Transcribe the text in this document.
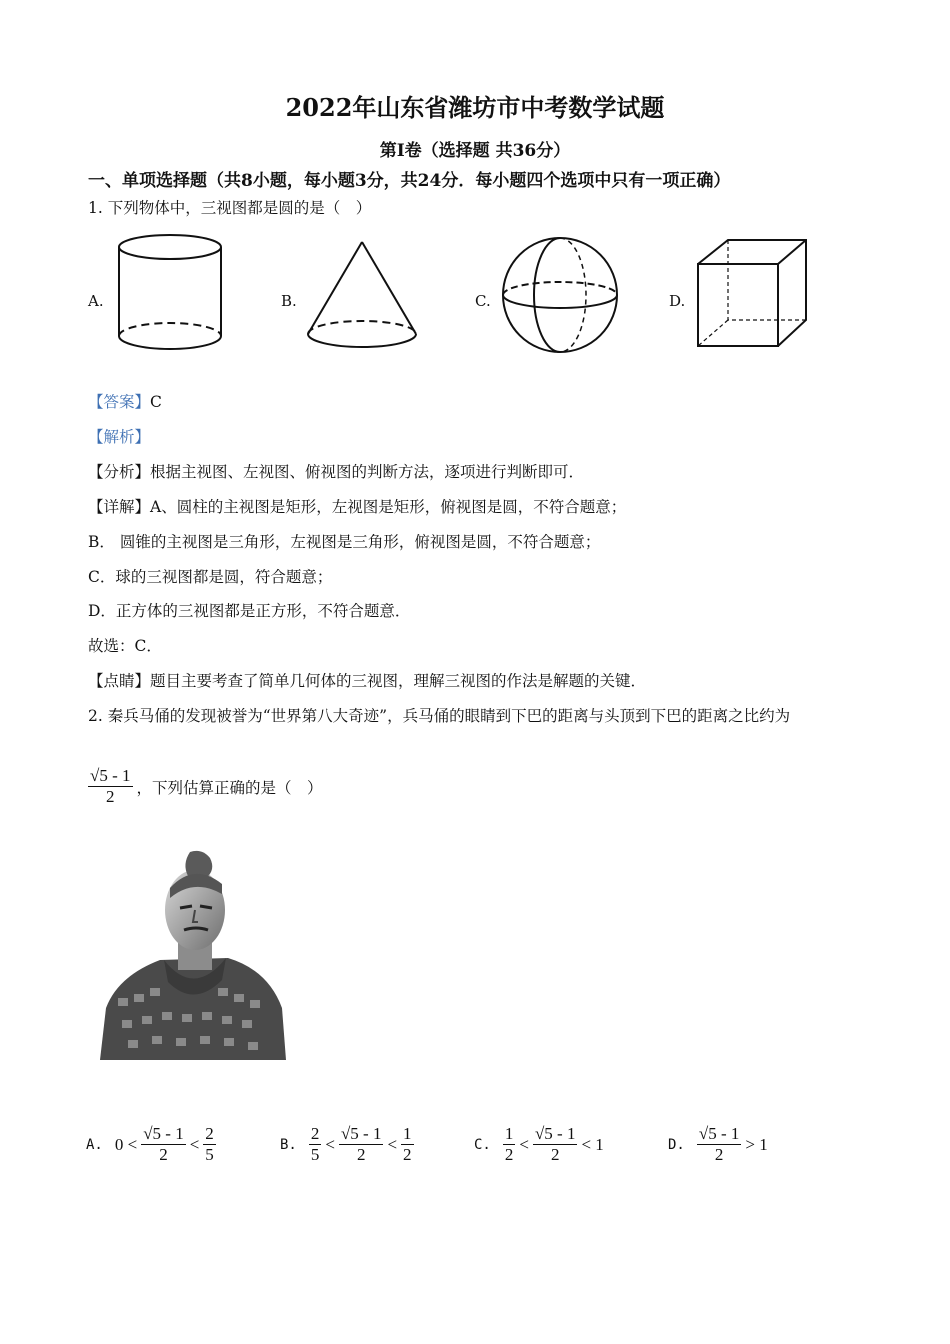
2022年山东省潍坊市中考数学试题
第Ⅰ卷（选择题 共36分）
一、单项选择题（共8小题，每小题3分，共24分．每小题四个选项中只有一项正确）
1. 下列物体中，三视图都是圆的是（　）
A.	B.	C.	D.
【答案】C
【解析】
【分析】根据主视图、左视图、俯视图的判断方法，逐项进行判断即可．
【详解】A、圆柱的主视图是矩形，左视图是矩形，俯视图是圆，不符合题意；
B． 圆锥的主视图是三角形，左视图是三角形，俯视图是圆，不符合题意；
C．球的三视图都是圆，符合题意；
D．正方体的三视图都是正方形，不符合题意．
故选：C．
【点睛】题目主要考查了简单几何体的三视图，理解三视图的作法是解题的关键．
2. 秦兵马俑的发现被誉为“世界第八大奇迹”，兵马俑的眼睛到下巴的距离与头顶到下巴的距离之比约为
$\frac{√5 - 1}{2}$ ，下列估算正确的是（　）
A. $0 < \frac{√5 - 1}{2} < \frac{2}{5}$	B. $\frac{2}{5} < \frac{√5 - 1}{2} < \frac{1}{2}$	C. $\frac{1}{2} < \frac{√5 - 1}{2} < 1$	D. $\frac{√5 - 1}{2} > 1$
